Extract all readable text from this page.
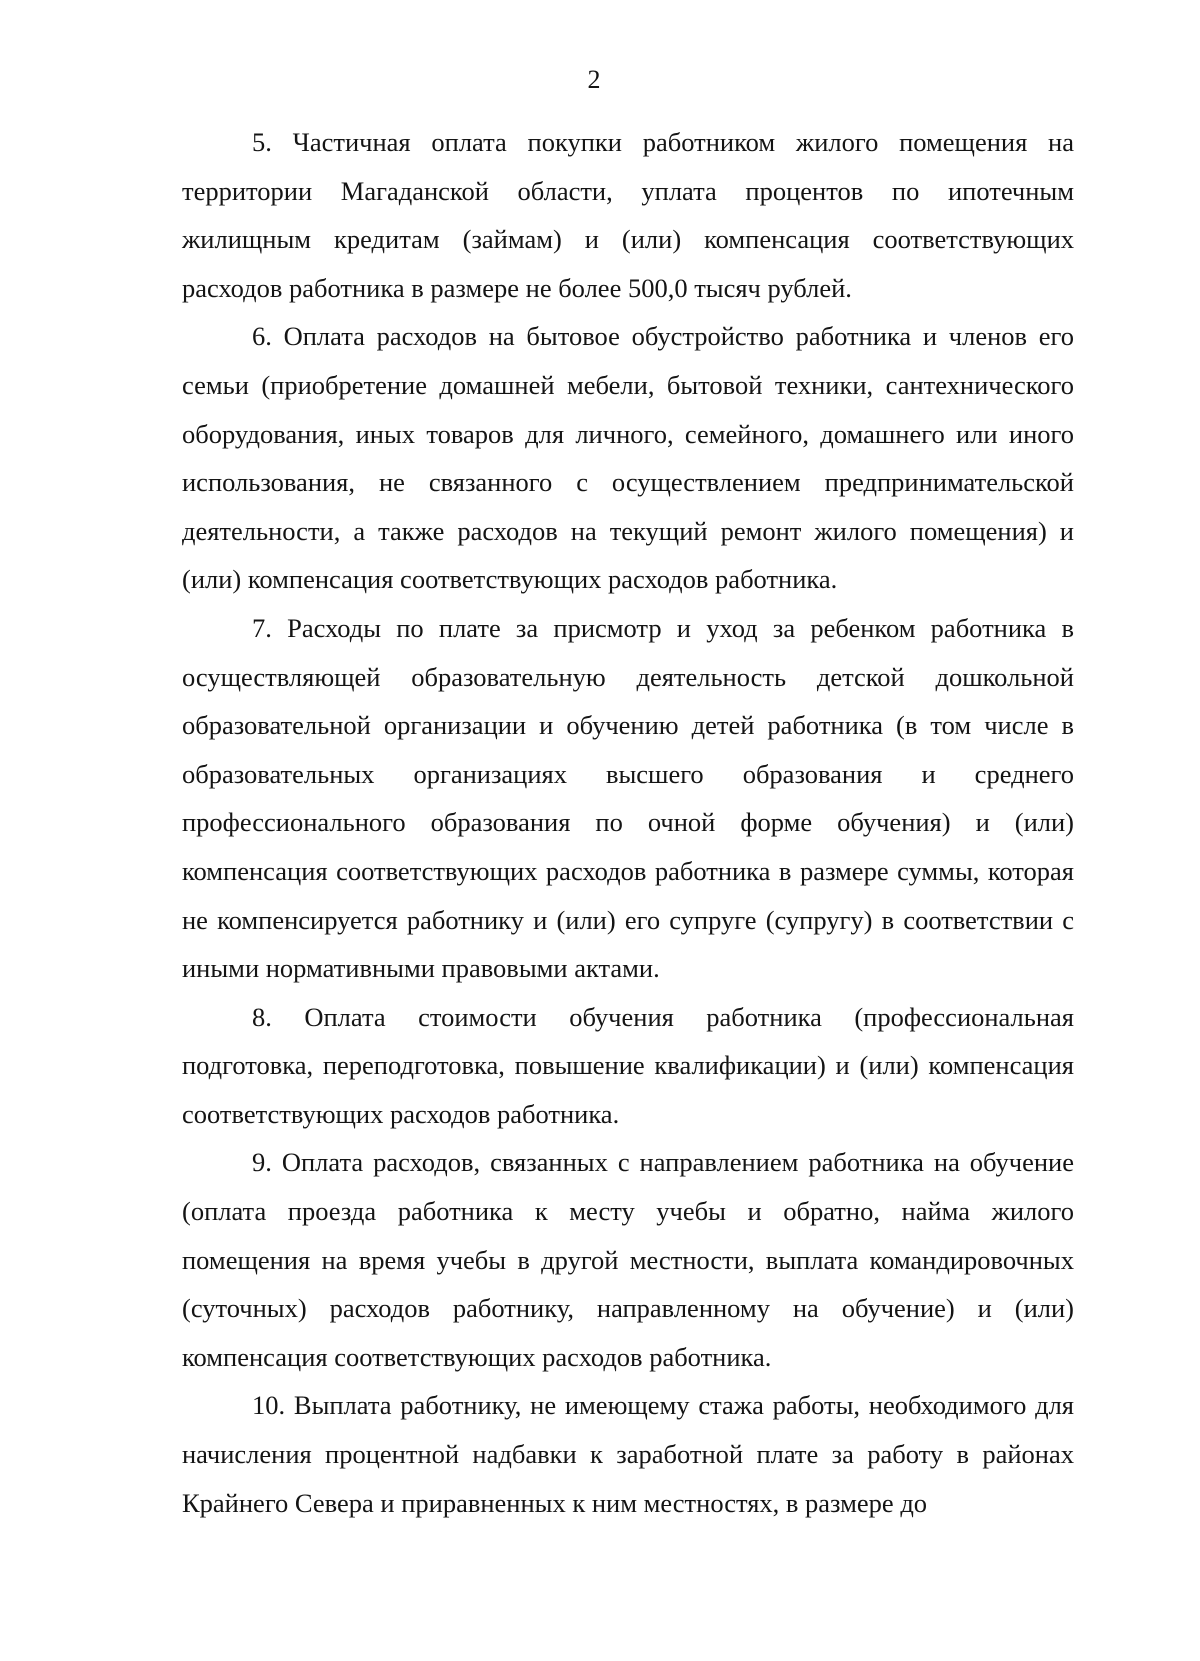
2

5. Частичная оплата покупки работником жилого помещения на территории Магаданской области, уплата процентов по ипотечным жилищным кредитам (займам) и (или) компенсация соответствующих расходов работника в размере не более 500,0 тысяч рублей.

6. Оплата расходов на бытовое обустройство работника и членов его семьи (приобретение домашней мебели, бытовой техники, сантехнического оборудования, иных товаров для личного, семейного, домашнего или иного использования, не связанного с осуществлением предпринимательской деятельности, а также расходов на текущий ремонт жилого помещения) и (или) компенсация соответствующих расходов работника.

7. Расходы по плате за присмотр и уход за ребенком работника в осуществляющей образовательную деятельность детской дошкольной образовательной организации и обучению детей работника (в том числе в образовательных организациях высшего образования и среднего профессионального образования по очной форме обучения) и (или) компенсация соответствующих расходов работника в размере суммы, которая не компенсируется работнику и (или) его супруге (супругу) в соответствии с иными нормативными правовыми актами.

8. Оплата стоимости обучения работника (профессиональная подготовка, переподготовка, повышение квалификации) и (или) компенсация соответствующих расходов работника.

9. Оплата расходов, связанных с направлением работника на обучение (оплата проезда работника к месту учебы и обратно, найма жилого помещения на время учебы в другой местности, выплата командировочных (суточных) расходов работнику, направленному на обучение) и (или) компенсация соответствующих расходов работника.

10. Выплата работнику, не имеющему стажа работы, необходимого для начисления процентной надбавки к заработной плате за работу в районах Крайнего Севера и приравненных к ним местностях, в размере до
